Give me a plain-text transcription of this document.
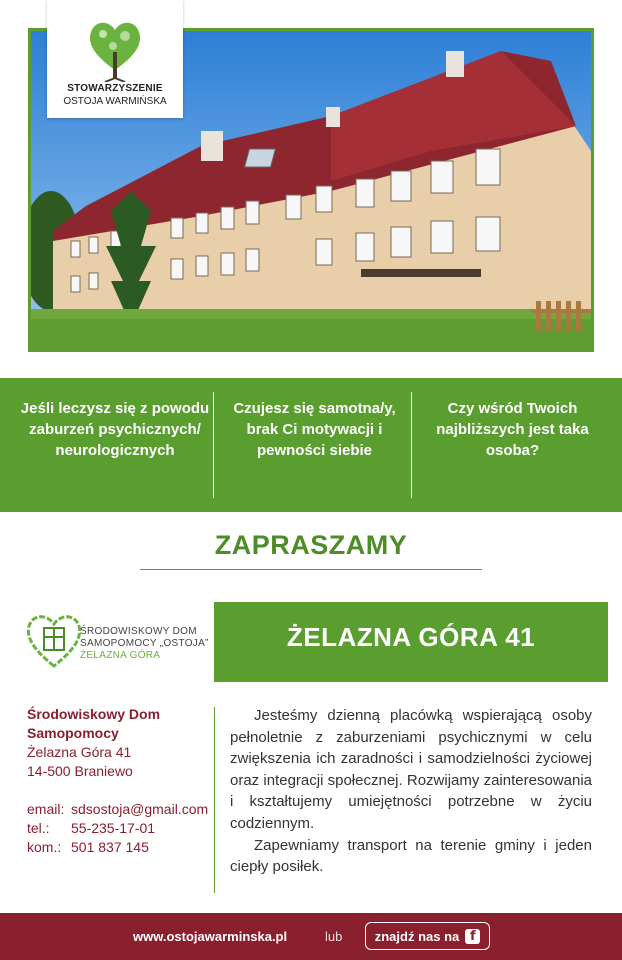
STOWARZYSZENIE
OSTOJA WARMIŃSKA
Jeśli leczysz się z powodu zaburzeń psychicznych/ neurologicznych
Czujesz się samotna/y, brak Ci motywacji i pewności siebie
Czy wśród Twoich najbliższych jest taka osoba?
ZAPRASZAMY
ŚRODOWISKOWY DOM
SAMOPOMOCY „OSTOJA”
ŻELAZNA GÓRA
ŻELAZNA GÓRA 41
Środowiskowy Dom
Samopomocy
Żelazna Góra 41
14-500 Braniewo
email: sdsostoja@gmail.com
tel.:	55-235-17-01
kom.: 501 837 145

Jesteśmy dzienną placówką wspierającą osoby pełnoletnie z zaburzeniami psychicznymi w celu zwiększenia ich zaradności i samodzielności życiowej oraz integracji społecznej. Rozwijamy zainteresowania i kształtujemy umiejętności potrzebne w życiu codziennym.

Zapewniamy transport na terenie gminy i jeden ciepły posiłek.

www.ostojawarminska.pl	lub znajdź nas na f
